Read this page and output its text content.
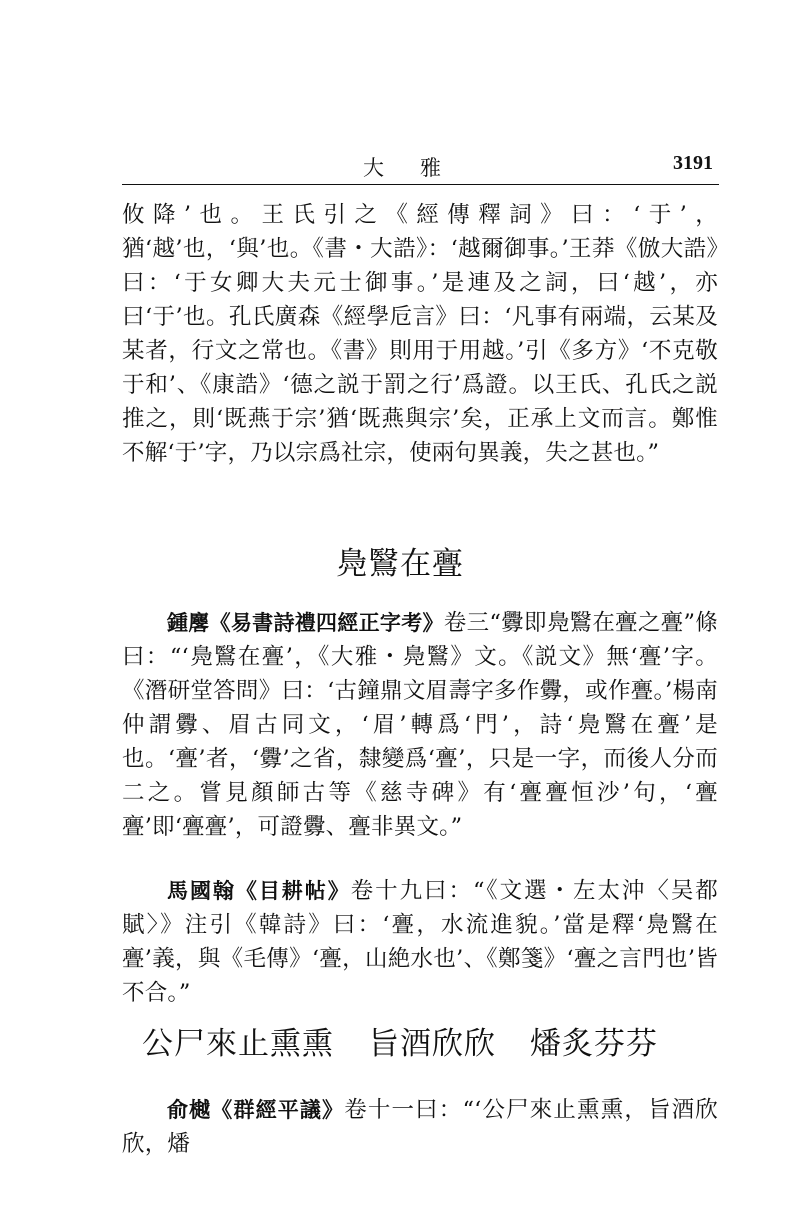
大雅	3191
攸降’也。王氏引之《經傳釋詞》曰：‘于’，猶‘越’也，‘與’也。《書・大誥》：‘越爾御事。’王莽《倣大誥》曰：‘于女卿大夫元士御事。’是連及之詞，曰‘越’，亦曰‘于’也。孔氏廣森《經學卮言》曰：‘凡事有兩端，云某及某者，行文之常也。《書》則用于用越。’引《多方》‘不克敬于和’、《康誥》‘德之説于罰之行’爲證。以王氏、孔氏之説推之，則‘既燕于宗’猶‘既燕與宗’矣，正承上文而言。鄭惟不解‘于’字，乃以宗爲社宗，使兩句異義，失之甚也。”
鳧鷖在亹
鍾麐《易書詩禮四經正字考》卷三“釁即鳧鷖在亹之亹”條曰：“‘鳧鷖在亹’，《大雅・鳧鷖》文。《説文》無‘亹’字。《潛研堂答問》曰：‘古鐘鼎文眉壽字多作釁，或作亹。’楊南仲謂釁、眉古同文，‘眉’轉爲‘門’，詩‘鳧鷖在亹’是也。‘亹’者，‘釁’之省，隸變爲‘亹’，只是一字，而後人分而二之。嘗見顏師古等《慈寺碑》有‘亹亹恒沙’句，‘亹亹’即‘亹亹’，可證釁、亹非異文。”
馬國翰《目耕帖》卷十九曰：“《文選・左太沖〈吴都賦〉》注引《韓詩》曰：‘亹，水流進貌。’當是釋‘鳧鷖在亹’義，與《毛傳》‘亹，山絶水也’、《鄭箋》‘亹之言門也’皆不合。”
公尸來止熏熏 旨酒欣欣 燔炙芬芬
俞樾《群經平議》卷十一曰：“‘公尸來止熏熏，旨酒欣欣，燔
